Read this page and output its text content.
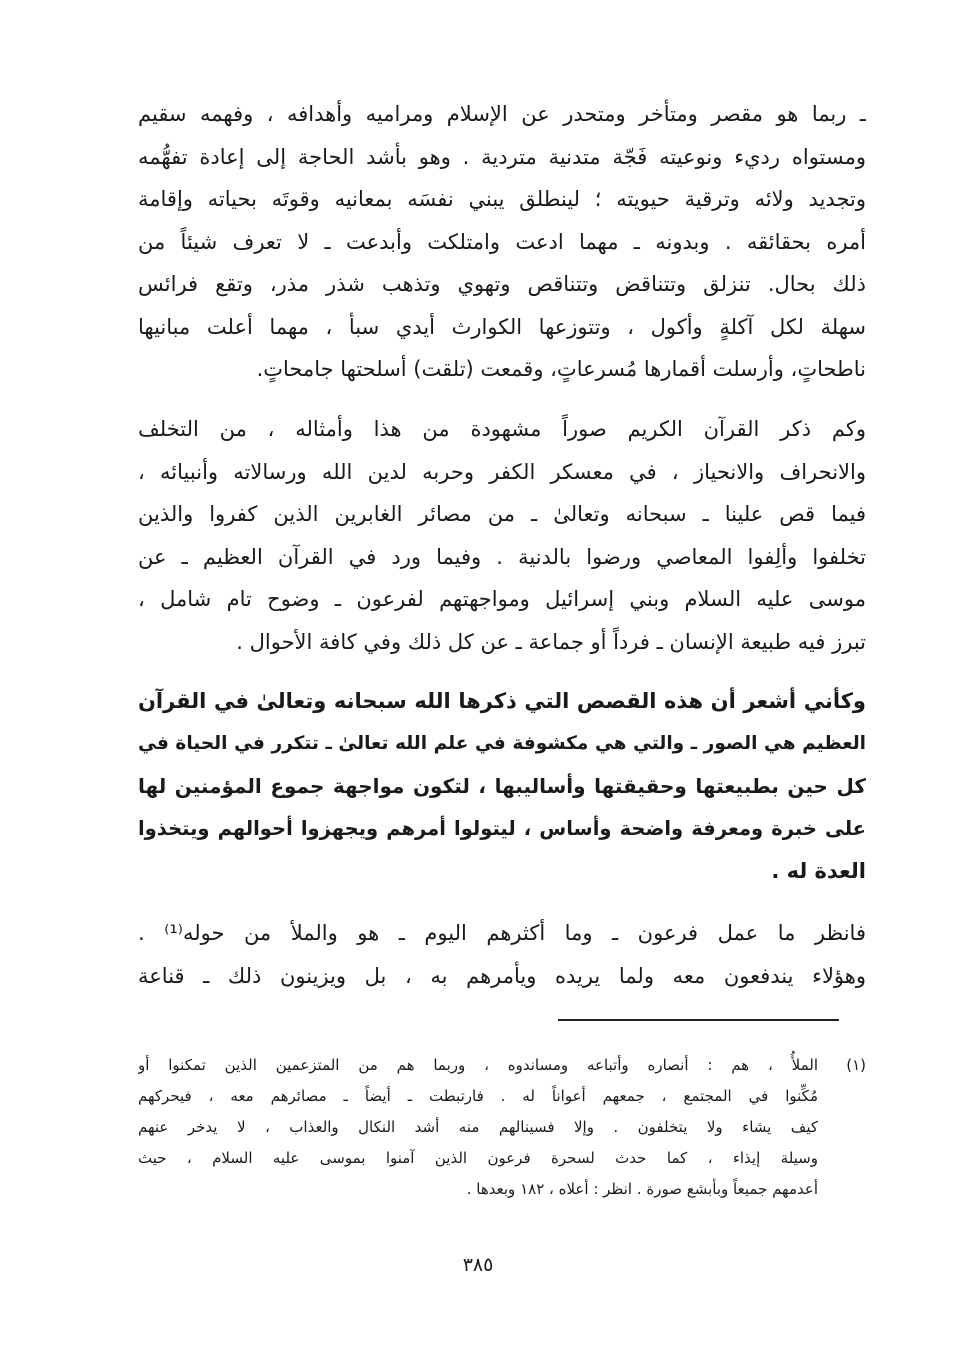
ـ ربما هو مقصر ومتأخر ومتحدر عن الإسلام ومراميه وأهدافه ، وفهمه سقيم
ومستواه رديء ونوعيته فَجّة متدنية متردية . وهو بأشد الحاجة إلى إعادة تفهُّمه
وتجديد ولائه وترقية حيويته ؛ لينطلق يبني نفسَه بمعانيه وقوتَه بحياته وإقامة
أمره بحقائقه . وبدونه ـ مهما ادعت وامتلكت وأبدعت ـ لا تعرف شيئاً من
ذلك بحال. تنزلق وتتناقض وتتناقص وتهوي وتذهب شذر مذر، وتقع فرائس
سهلة لكل آكلةٍ وأكول ، وتتوزعها الكوارث أيدي سبأ ، مهما أعلت مبانيها
ناطحاتٍ، وأرسلت أقمارها مُسرعاتٍ، وقمعت (تلقت) أسلحتها جامحاتٍ.
وكم ذكر القرآن الكريم صوراً مشهودة من هذا وأمثاله ، من التخلف
والانحراف والانحياز ، في معسكر الكفر وحربه لدين الله ورسالاته وأنبيائه ،
فيما قص علينا ـ سبحانه وتعالىٰ ـ من مصائر الغابرين الذين كفروا والذين
تخلفوا وألِفوا المعاصي ورضوا بالدنية . وفيما ورد في القرآن العظيم ـ عن
موسى عليه السلام وبني إسرائيل ومواجهتهم لفرعون ـ وضوح تام شامل ،
تبرز فيه طبيعة الإنسان ـ فرداً أو جماعة ـ عن كل ذلك وفي كافة الأحوال .
وكأني أشعر أن هذه القصص التي ذكرها الله سبحانه وتعالىٰ في القرآن
العظيم هي الصور ـ والتي هي مكشوفة في علم الله تعالىٰ ـ تتكرر في الحياة في
كل حين بطبيعتها وحقيقتها وأساليبها ، لتكون مواجهة جموع المؤمنين لها
على خبرة ومعرفة واضحة وأساس ، ليتولوا أمرهم ويجهزوا أحوالهم ويتخذوا
العدة له .
فانظر ما عمل فرعون ـ وما أكثرهم اليوم ـ هو والملأ من حوله⁽¹⁾ .
وهؤلاء يندفعون معه ولما يريده ويأمرهم به ، بل ويزينون ذلك ـ قناعة
(١)
الملأُ ، هم : أنصاره وأتباعه ومساندوه ، وربما هم من المتزعمين الذين تمكنوا أو
مُكِّنوا في المجتمع ، جمعهم أعواناً له . فارتبطت ـ أيضاً ـ مصائرهم معه ، فيحركهم
كيف يشاء ولا يتخلفون . وإلا فسينالهم منه أشد النكال والعذاب ، لا يدخر عنهم
وسيلة إيذاء ، كما حدث لسحرة فرعون الذين آمنوا بموسى عليه السلام ، حيث
أعدمهم جميعاً وبأبشع صورة . انظر : أعلاه ، ١٨٢ وبعدها .
٣٨٥
